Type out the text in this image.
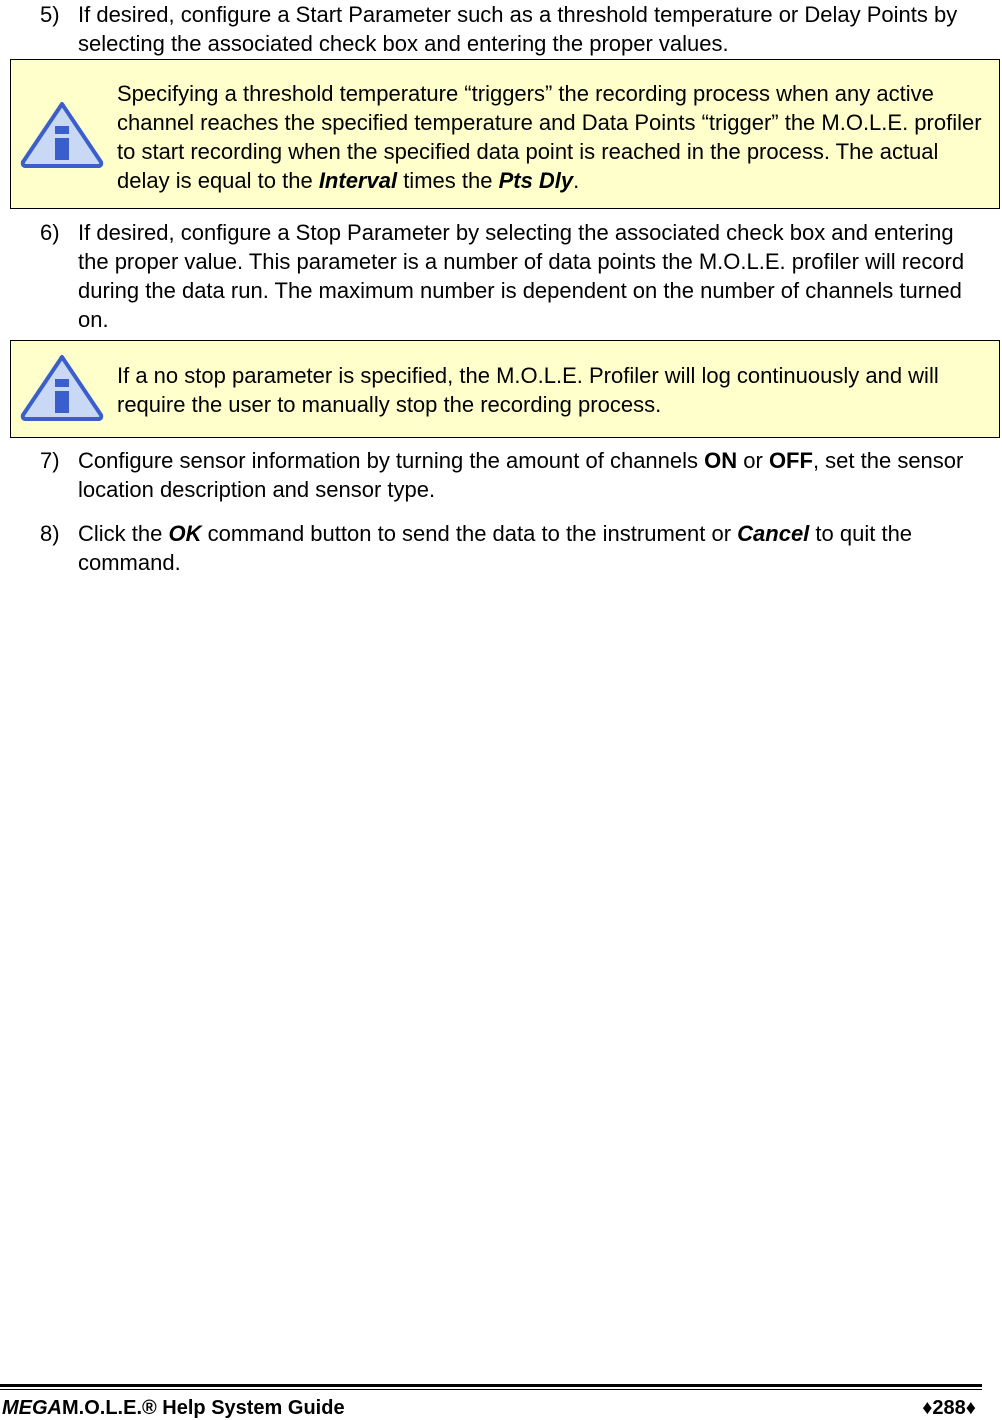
5) If desired, configure a Start Parameter such as a threshold temperature or Delay Points by selecting the associated check box and entering the proper values.
Specifying a threshold temperature “triggers” the recording process when any active channel reaches the specified temperature and Data Points “trigger” the M.O.L.E. profiler to start recording when the specified data point is reached in the process. The actual delay is equal to the Interval times the Pts Dly.
6) If desired, configure a Stop Parameter by selecting the associated check box and entering the proper value. This parameter is a number of data points the M.O.L.E. profiler will record during the data run. The maximum number is dependent on the number of channels turned on.
If a no stop parameter is specified, the M.O.L.E. Profiler will log continuously and will require the user to manually stop the recording process.
7) Configure sensor information by turning the amount of channels ON or OFF, set the sensor location description and sensor type.
8) Click the OK command button to send the data to the instrument or Cancel to quit the command.
MEGAM.O.L.E.® Help System Guide	♦288♦
